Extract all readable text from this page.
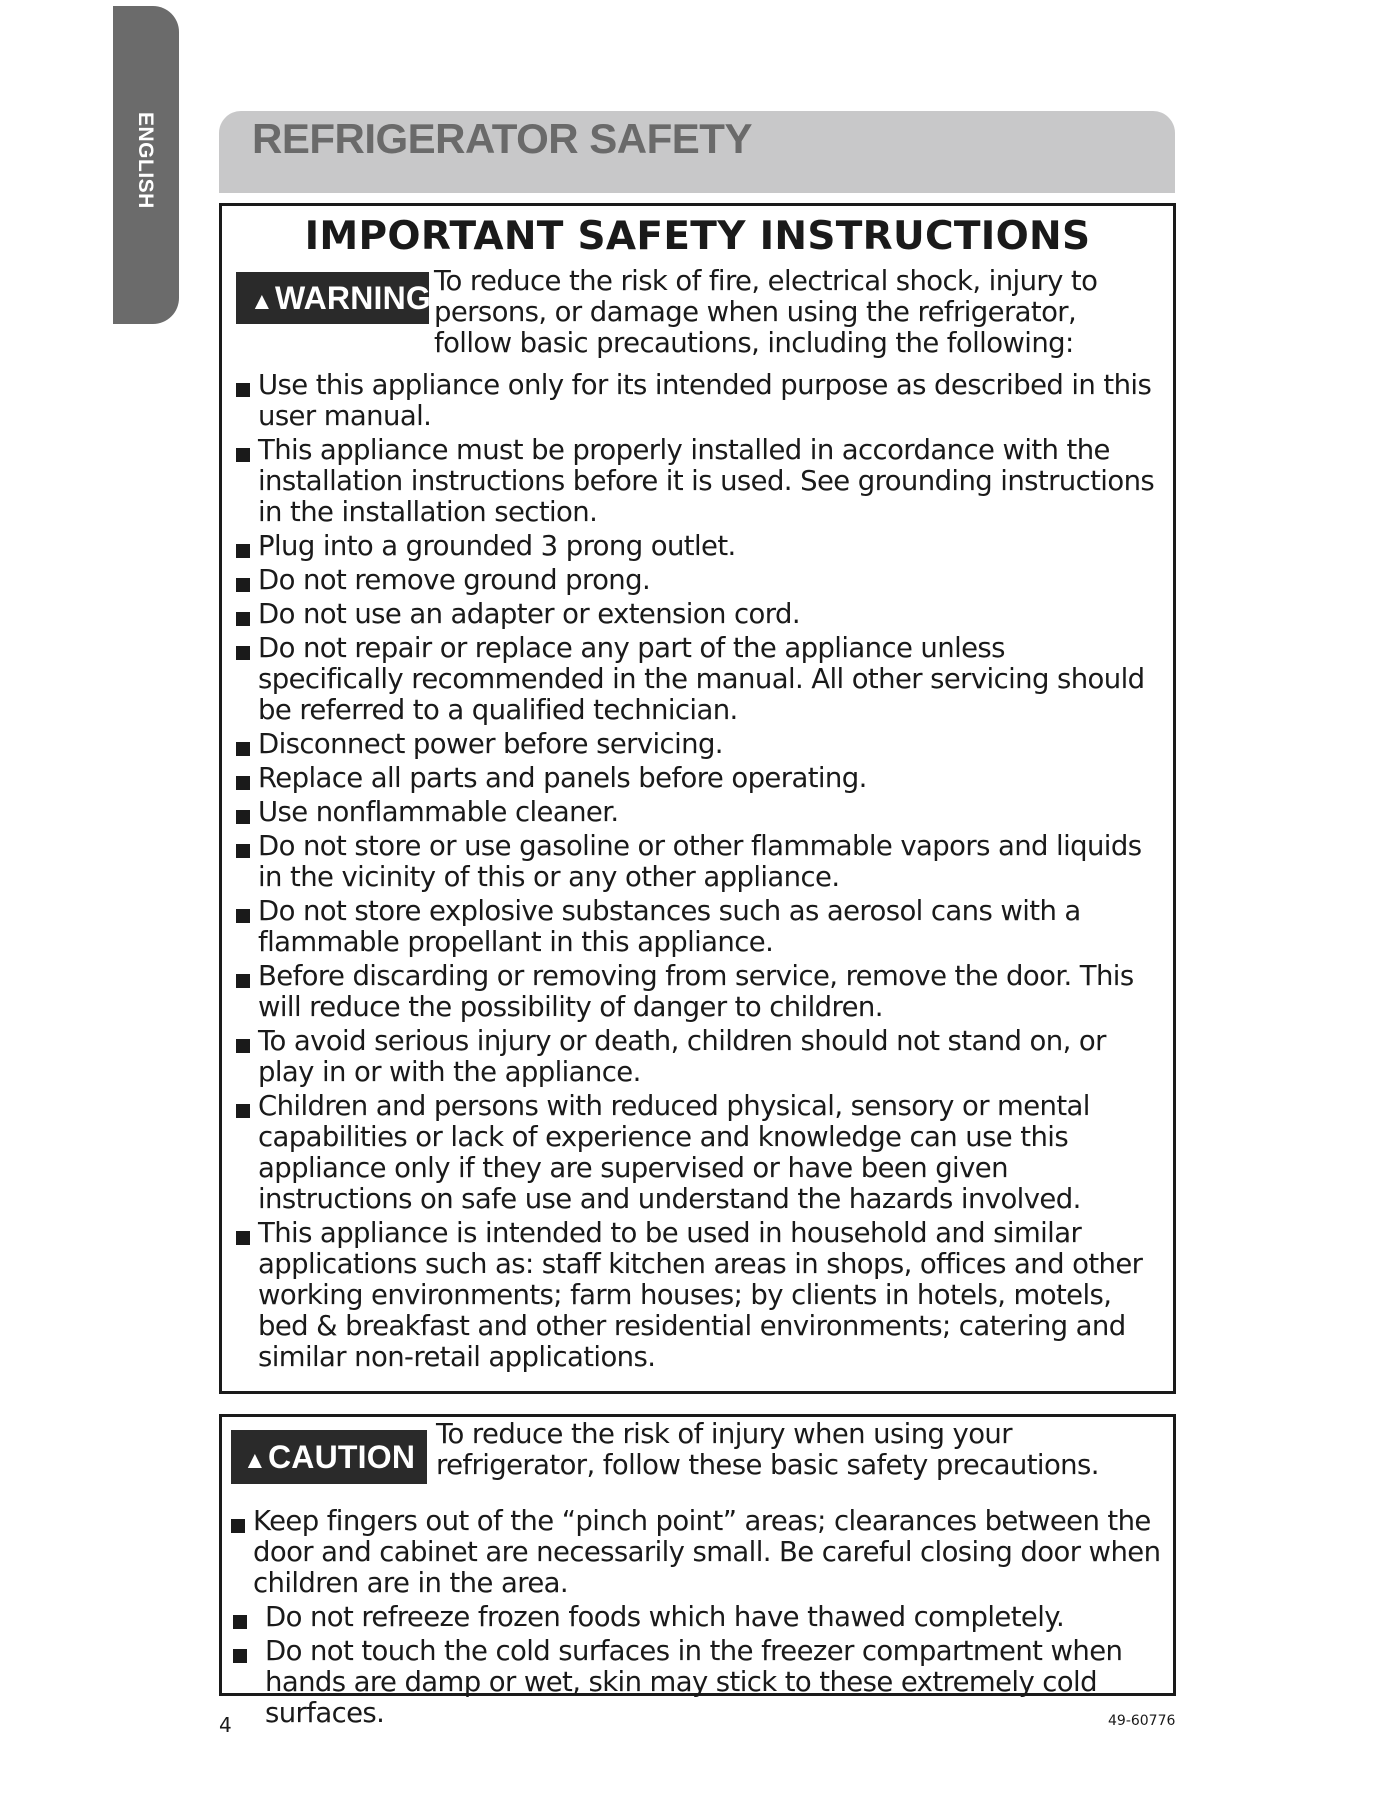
ENGLISH REFRIGERATOR SAFETY
IMPORTANT SAFETY INSTRUCTIONS
▲WARNING To reduce the risk of fire, electrical shock, injury to persons, or damage when using the refrigerator, follow basic precautions, including the following:
Use this appliance only for its intended purpose as described in this user manual.
This appliance must be properly installed in accordance with the installation instructions before it is used. See grounding instructions in the installation section.
Plug into a grounded 3 prong outlet.
Do not remove ground prong.
Do not use an adapter or extension cord.
Do not repair or replace any part of the appliance unless specifically recommended in the manual. All other servicing should be referred to a qualified technician.
Disconnect power before servicing.
Replace all parts and panels before operating.
Use nonflammable cleaner.
Do not store or use gasoline or other flammable vapors and liquids in the vicinity of this or any other appliance.
Do not store explosive substances such as aerosol cans with a flammable propellant in this appliance.
Before discarding or removing from service, remove the door. This will reduce the possibility of danger to children.
To avoid serious injury or death, children should not stand on, or play in or with the appliance.
Children and persons with reduced physical, sensory or mental capabilities or lack of experience and knowledge can use this appliance only if they are supervised or have been given instructions on safe use and understand the hazards involved.
This appliance is intended to be used in household and similar applications such as: staff kitchen areas in shops, offices and other working environments; farm houses; by clients in hotels, motels, bed & breakfast and other residential environments; catering and similar non-retail applications.
▲CAUTION
To reduce the risk of injury when using your refrigerator, follow these basic safety precautions.
Keep fingers out of the “pinch point” areas; clearances between the door and cabinet are necessarily small. Be careful closing door when children are in the area.
Do not refreeze frozen foods which have thawed completely.
Do not touch the cold surfaces in the freezer compartment when hands are damp or wet, skin may stick to these extremely cold surfaces.
4	49-60776
